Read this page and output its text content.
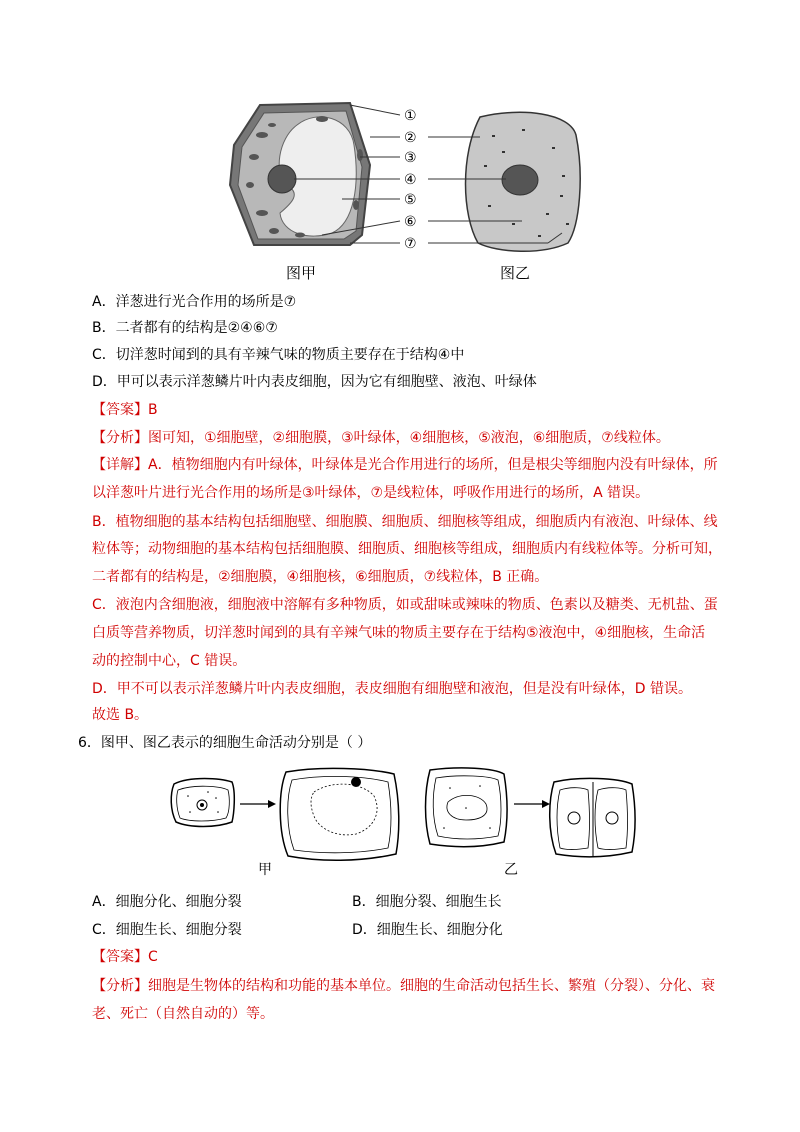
①
②
③
④
⑤
⑥
⑦
图甲	图乙
A．洋葱进行光合作用的场所是⑦
B．二者都有的结构是②④⑥⑦
C．切洋葱时闻到的具有辛辣气味的物质主要存在于结构④中
D．甲可以表示洋葱鳞片叶内表皮细胞，因为它有细胞壁、液泡、叶绿体
【答案】B
【分析】图可知，①细胞壁，②细胞膜，③叶绿体，④细胞核，⑤液泡，⑥细胞质，⑦线粒体。
【详解】A．植物细胞内有叶绿体，叶绿体是光合作用进行的场所，但是根尖等细胞内没有叶绿体，所
以洋葱叶片进行光合作用的场所是③叶绿体，⑦是线粒体，呼吸作用进行的场所，A 错误。
B．植物细胞的基本结构包括细胞壁、细胞膜、细胞质、细胞核等组成，细胞质内有液泡、叶绿体、线
粒体等；动物细胞的基本结构包括细胞膜、细胞质、细胞核等组成，细胞质内有线粒体等。分析可知，
二者都有的结构是，②细胞膜，④细胞核，⑥细胞质，⑦线粒体，B 正确。
C．液泡内含细胞液，细胞液中溶解有多种物质，如或甜味或辣味的物质、色素以及糖类、无机盐、蛋
白质等营养物质，切洋葱时闻到的具有辛辣气味的物质主要存在于结构⑤液泡中，④细胞核，生命活
动的控制中心，C 错误。
D．甲不可以表示洋葱鳞片叶内表皮细胞，表皮细胞有细胞壁和液泡，但是没有叶绿体，D 错误。
故选 B。
6．图甲、图乙表示的细胞生命活动分别是（ ）
甲	乙
A．细胞分化、细胞分裂	B．细胞分裂、细胞生长
C．细胞生长、细胞分裂	D．细胞生长、细胞分化
【答案】C
【分析】细胞是生物体的结构和功能的基本单位。细胞的生命活动包括生长、繁殖（分裂）、分化、衰
老、死亡（自然自动的）等。
